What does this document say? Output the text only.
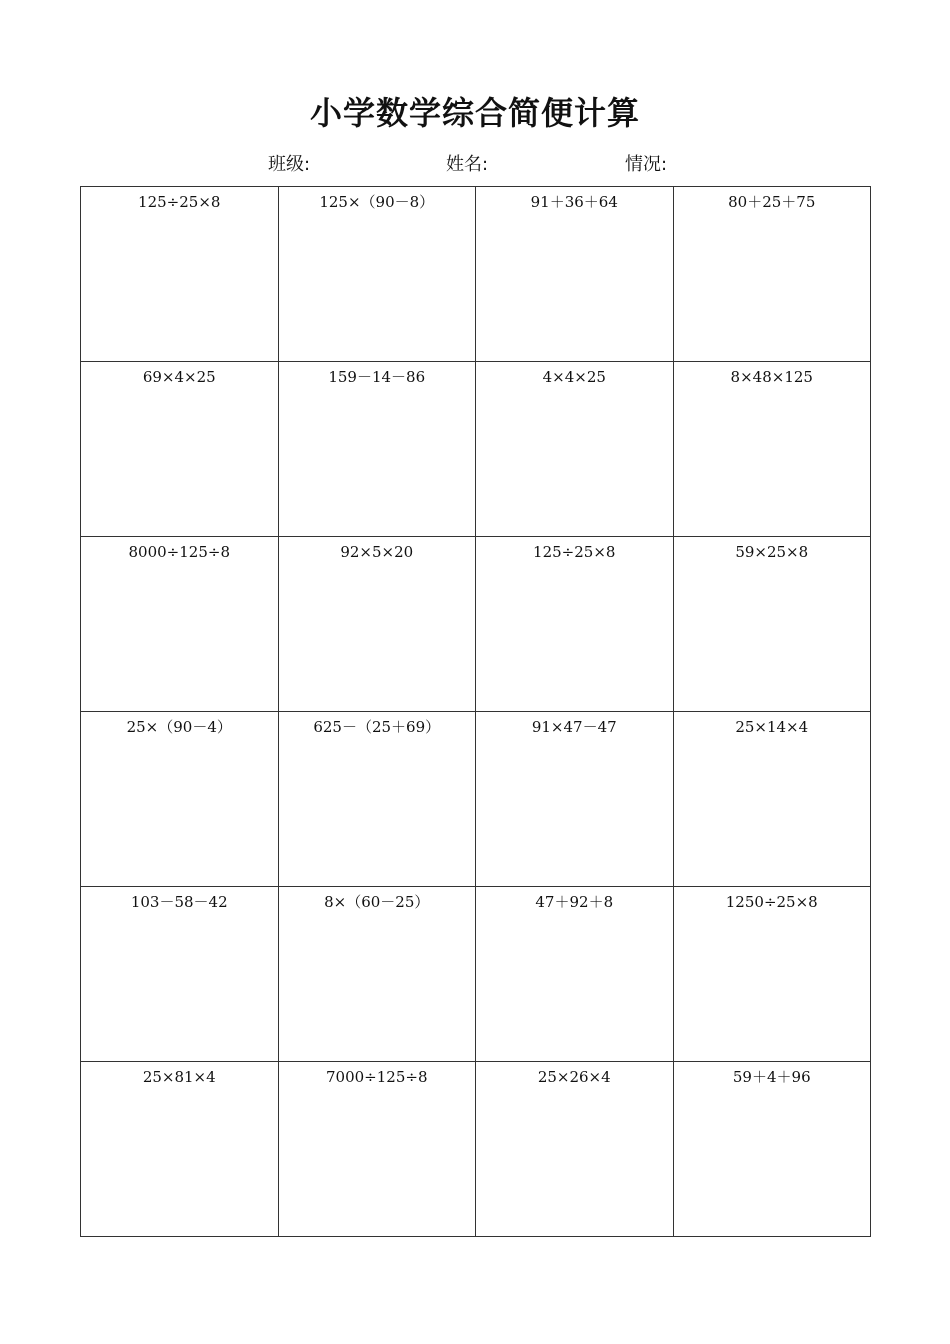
小学数学综合简便计算
班级:	姓名:	情况:
125÷25×8	125×（90－8）	91＋36＋64	80＋25＋75
69×4×25	159－14－86	4×4×25	8×48×125
8000÷125÷8	92×5×20	125÷25×8	59×25×8
25×（90－4）	625－（25＋69）	91×47－47	25×14×4
103－58－42	8×（60－25）	47＋92＋8	1250÷25×8
25×81×4	7000÷125÷8	25×26×4	59＋4＋96
